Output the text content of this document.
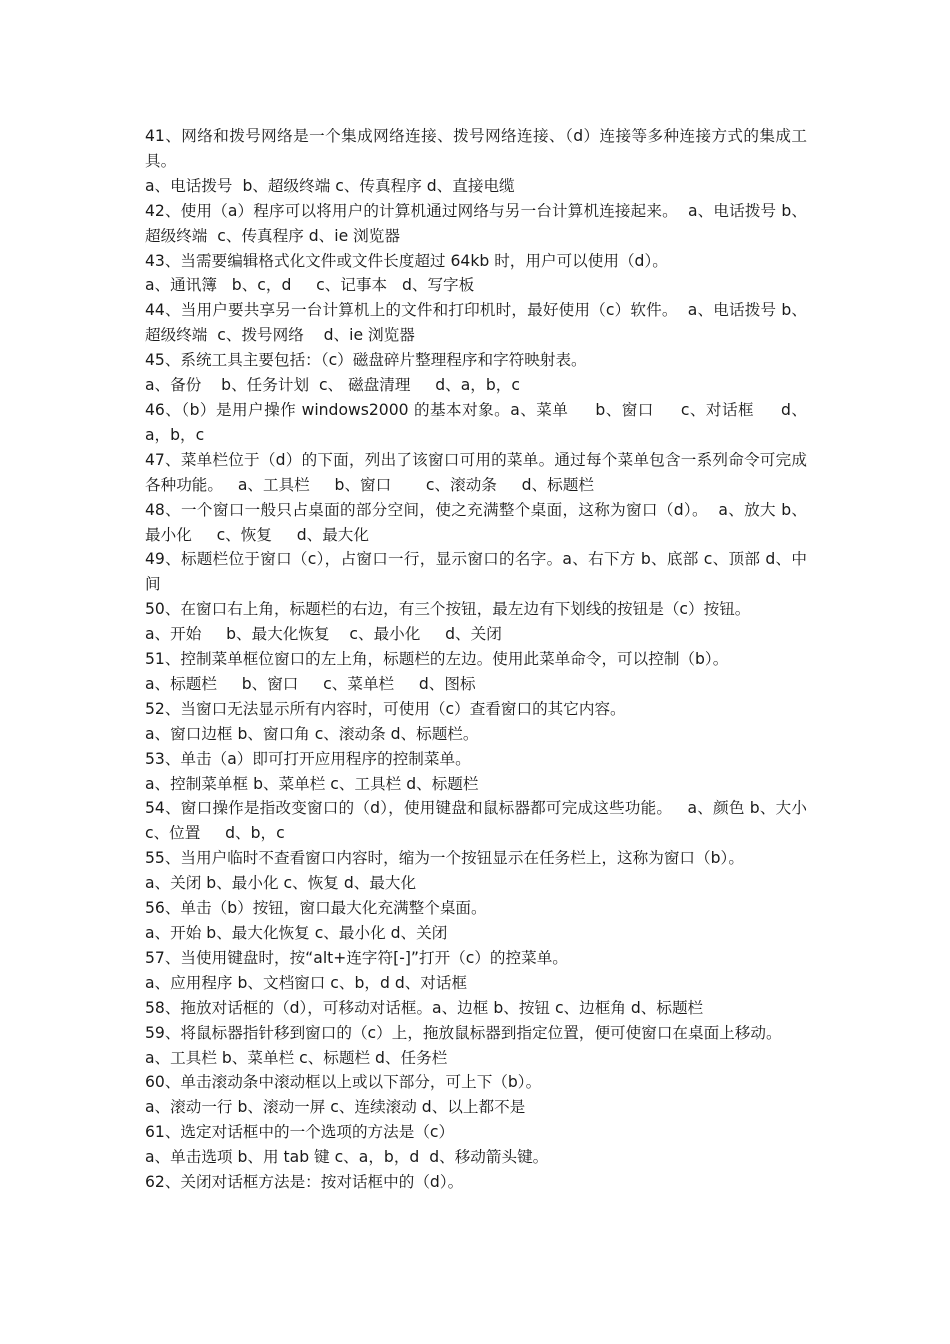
41、网络和拨号网络是一个集成网络连接、拨号网络连接、（d）连接等多种连接方式的集成工具。

a、电话拨号  b、超级终端 c、传真程序 d、直接电缆

42、使用（a）程序可以将用户的计算机通过网络与另一台计算机连接起来。  a、电话拨号 b、超级终端  c、传真程序 d、ie 浏览器

43、当需要编辑格式化文件或文件长度超过 64kb 时，用户可以使用（d）。

a、通讯簿   b、c，d     c、记事本   d、写字板

44、当用户要共享另一台计算机上的文件和打印机时，最好使用（c）软件。  a、电话拨号 b、超级终端  c、拨号网络    d、ie 浏览器

45、系统工具主要包括：（c）磁盘碎片整理程序和字符映射表。

a、备份    b、任务计划  c、 磁盘清理     d、a，b，c

46、（b）是用户操作 windows2000 的基本对象。a、菜单     b、窗口     c、对话框     d、a，b，c

47、菜单栏位于（d）的下面，列出了该窗口可用的菜单。通过每个菜单包含一系列命令可完成各种功能。   a、工具栏     b、窗口       c、滚动条     d、标题栏

48、一个窗口一般只占桌面的部分空间，使之充满整个桌面，这称为窗口（d）。  a、放大 b、最小化     c、恢复     d、最大化

49、标题栏位于窗口（c），占窗口一行，显示窗口的名字。a、右下方 b、底部 c、顶部 d、中间

50、在窗口右上角，标题栏的右边，有三个按钮，最左边有下划线的按钮是（c）按钮。

a、开始     b、最大化恢复    c、最小化     d、关闭

51、控制菜单框位窗口的左上角，标题栏的左边。使用此菜单命令，可以控制（b）。

a、标题栏     b、窗口     c、菜单栏     d、图标

52、当窗口无法显示所有内容时，可使用（c）查看窗口的其它内容。

a、窗口边框 b、窗口角 c、滚动条 d、标题栏。

53、单击（a）即可打开应用程序的控制菜单。

a、控制菜单框 b、菜单栏 c、工具栏 d、标题栏

54、窗口操作是指改变窗口的（d），使用键盘和鼠标器都可完成这些功能。   a、颜色 b、大小  c、位置     d、b，c

55、当用户临时不查看窗口内容时，缩为一个按钮显示在任务栏上，这称为窗口（b）。

a、关闭 b、最小化 c、恢复 d、最大化

56、单击（b）按钮，窗口最大化充满整个桌面。

a、开始 b、最大化恢复 c、最小化 d、关闭

57、当使用键盘时，按“alt+连字符[-]”打开（c）的控菜单。

a、应用程序 b、文档窗口 c、b，d d、对话框

58、拖放对话框的（d），可移动对话框。a、边框 b、按钮 c、边框角 d、标题栏

59、将鼠标器指针移到窗口的（c）上，拖放鼠标器到指定位置，便可使窗口在桌面上移动。

a、工具栏 b、菜单栏 c、标题栏 d、任务栏

60、单击滚动条中滚动框以上或以下部分，可上下（b）。

a、滚动一行 b、滚动一屏 c、连续滚动 d、以上都不是

61、选定对话框中的一个选项的方法是（c）

a、单击选项 b、用 tab 键 c、a，b，d  d、移动箭头键。

62、关闭对话框方法是：按对话框中的（d）。
